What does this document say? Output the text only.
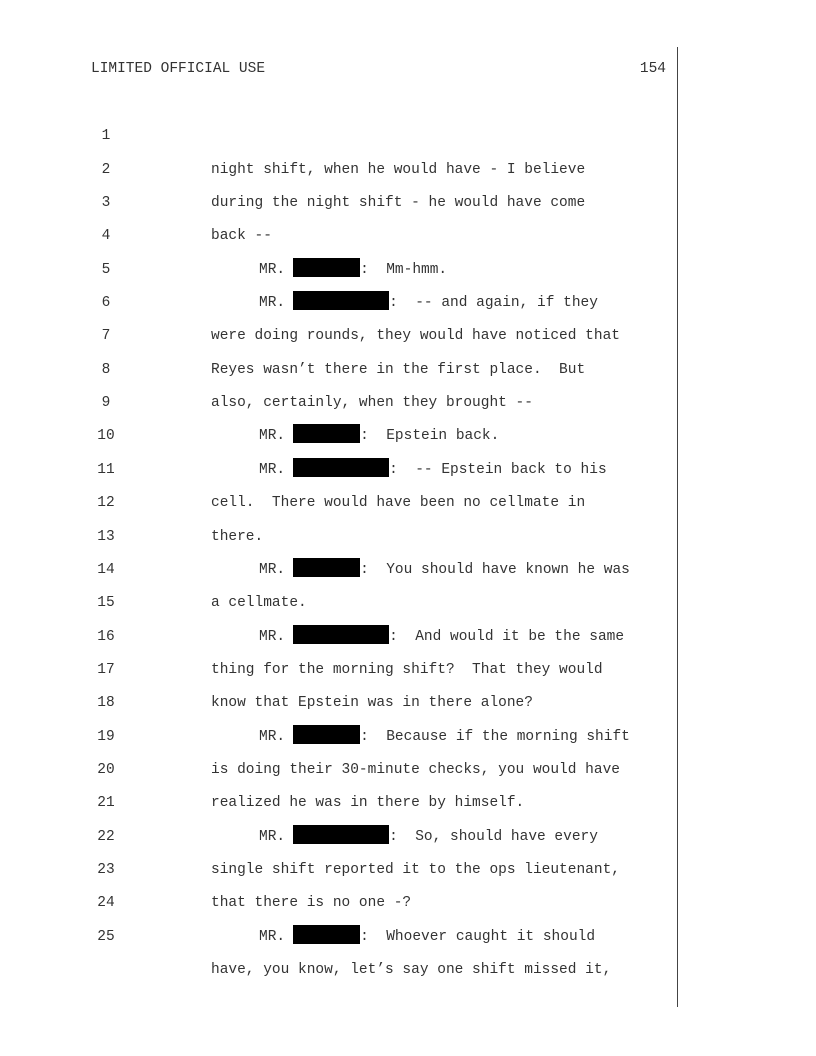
LIMITED OFFICIAL USE	154

1

night shift, when he would have - I believe

2

during the night shift - he would have come

3

back --

4

MR.	:  Mm-hmm.

5

MR.	:  -- and again, if they

6

were doing rounds, they would have noticed that

7

Reyes wasn’t there in the first place.  But

8

also, certainly, when they brought --

9

MR.	:  Epstein back.

10

MR.	:  -- Epstein back to his

11

cell.  There would have been no cellmate in

12

there.

13

MR.	:  You should have known he was

14

a cellmate.

15

MR.	:  And would it be the same

16

thing for the morning shift?  That they would

17

know that Epstein was in there alone?

18

MR.	:  Because if the morning shift

19

is doing their 30-minute checks, you would have

20

realized he was in there by himself.

21

MR.	:  So, should have every

22

single shift reported it to the ops lieutenant,

23

that there is no one -?

24

MR.	:  Whoever caught it should

25

have, you know, let’s say one shift missed it,
